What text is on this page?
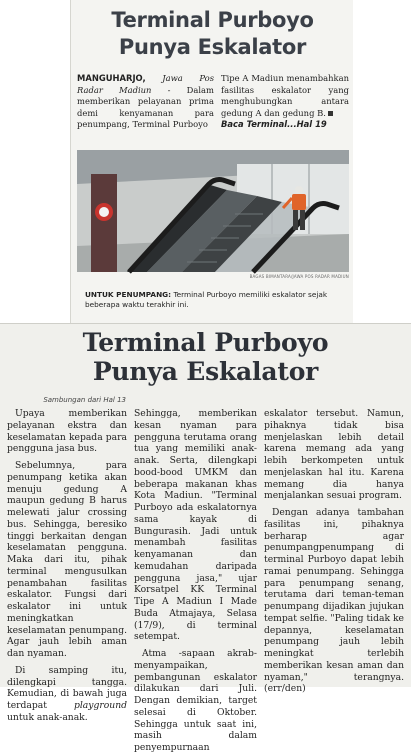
Terminal Purboyo
Punya Eskalator
MANGUHARJO, Jawa Pos Radar Madiun - Dalam memberikan pelayanan prima demi kenyamanan para penumpang, Terminal Purboyo
Tipe A Madiun menambahkan fasilitas eskalator yang menghubungkan antara gedung A dan gedung B.
Baca Terminal...Hal 19
BAGAS BIMANTARA/JAWA POS RADAR MADIUN

UNTUK PENUMPANG: Terminal Purboyo memiliki eskalator sejak beberapa waktu terakhir ini.

Terminal Purboyo
Punya Eskalator
Sambungan dari Hal 13

Upaya memberikan pelayanan ekstra dan keselamatan kepada para pengguna jasa bus.

Sebelumnya, para penumpang ketika akan menuju gedung A maupun gedung B harus melewati jalur crossing bus. Sehingga, beresiko tinggi berkaitan dengan keselamatan pengguna. Maka dari itu, pihak terminal mengusulkan penambahan fasilitas eskalator. Fungsi dari eskalator ini untuk meningkatkan keselamatan penumpang. Agar jauh lebih aman dan nyaman.

Di samping itu, dilengkapi tangga. Kemudian, di bawah juga terdapat	playground untuk anak-anak.

Sehingga, memberikan kesan nyaman para pengguna terutama orang tua yang memiliki anak-anak. Serta, dilengkapi bood-bood UMKM dan beberapa makanan khas Kota Madiun. "Terminal Purboyo ada eskalatornya sama kayak di Bungurasih. Jadi untuk menambah fasilitas kenyamanan dan kemudahan daripada pengguna jasa," ujar Korsatpel KK Terminal Tipe A Madiun I Made Buda Atmajaya, Selasa (17/9), di terminal setempat.

Atma -sapaan akrab- menyampaikan, pembangunan eskalator dilakukan dari Juli. Dengan demikian, target selesai di Oktober. Sehingga untuk saat ini, masih dalam penyempurnaan

eskalator tersebut. Namun, pihaknya tidak bisa menjelaskan lebih detail karena memang ada yang lebih berkompeten untuk menjelaskan hal itu. Karena memang dia hanya menjalankan sesuai program.

Dengan adanya tambahan fasilitas ini, pihaknya berharap agar penumpangpenumpang di terminal Purboyo dapat lebih ramai penumpang. Sehingga para penumpang senang, terutama dari teman-teman penumpang dijadikan jujukan tempat selfie. "Paling tidak ke depannya, keselamatan penumpang jauh lebih meningkat terlebih memberikan kesan aman dan nyaman," terangnya. (err/den)
